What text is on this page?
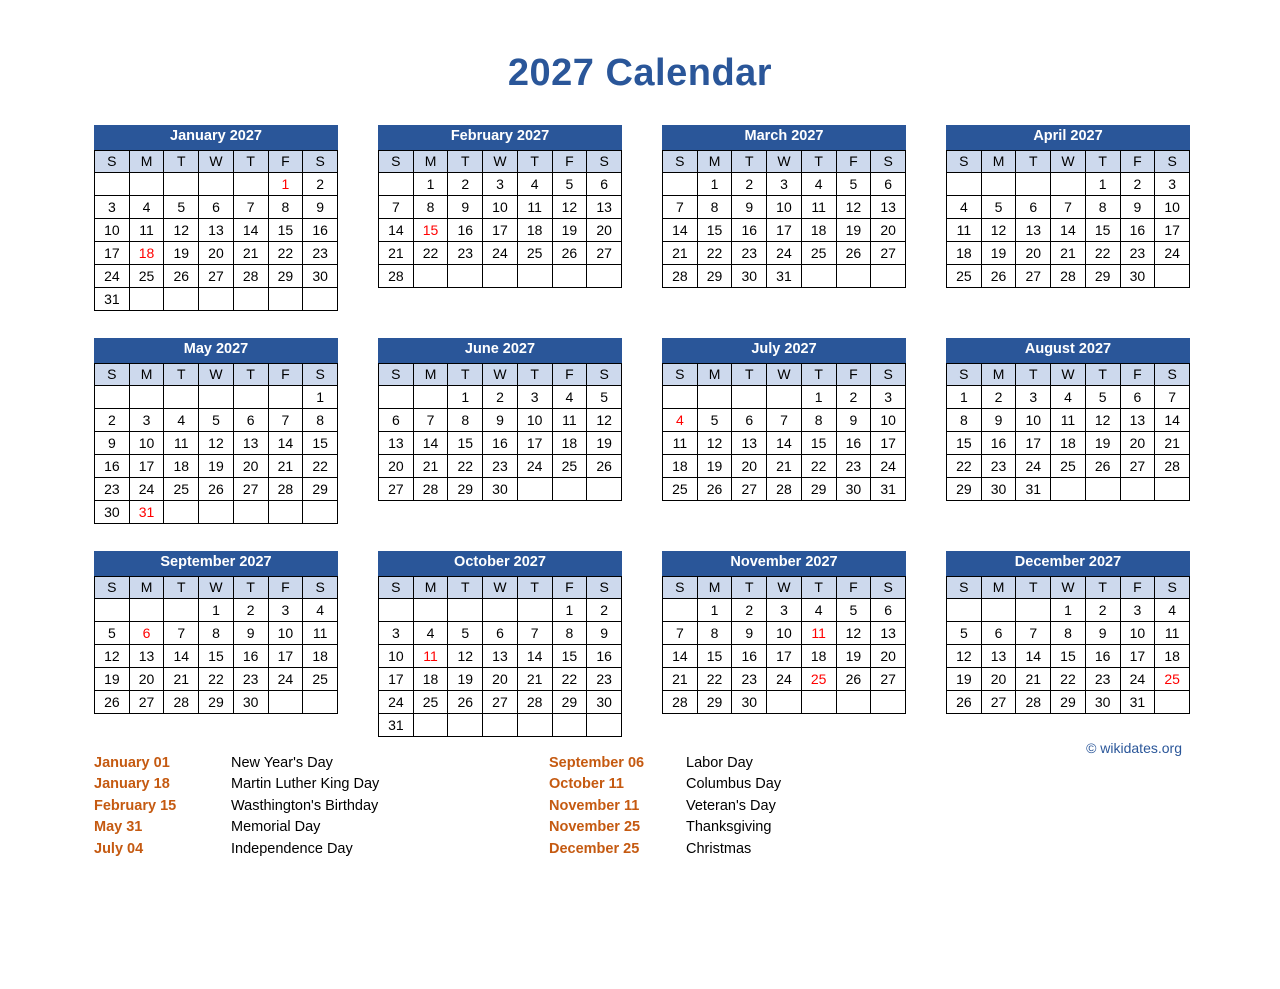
2027 Calendar
January 2027
S	M	T	W	T	F	S
					1	2
3	4	5	6	7	8	9
10	11	12	13	14	15	16
17	18	19	20	21	22	23
24	25	26	27	28	29	30
31						
February 2027
S	M	T	W	T	F	S
	1	2	3	4	5	6
7	8	9	10	11	12	13
14	15	16	17	18	19	20
21	22	23	24	25	26	27
28						
March 2027
S	M	T	W	T	F	S
	1	2	3	4	5	6
7	8	9	10	11	12	13
14	15	16	17	18	19	20
21	22	23	24	25	26	27
28	29	30	31			
April 2027
S	M	T	W	T	F	S
				1	2	3
4	5	6	7	8	9	10
11	12	13	14	15	16	17
18	19	20	21	22	23	24
25	26	27	28	29	30	
May 2027
S	M	T	W	T	F	S
						1
2	3	4	5	6	7	8
9	10	11	12	13	14	15
16	17	18	19	20	21	22
23	24	25	26	27	28	29
30	31					
June 2027
S	M	T	W	T	F	S
		1	2	3	4	5
6	7	8	9	10	11	12
13	14	15	16	17	18	19
20	21	22	23	24	25	26
27	28	29	30			
July 2027
S	M	T	W	T	F	S
				1	2	3
4	5	6	7	8	9	10
11	12	13	14	15	16	17
18	19	20	21	22	23	24
25	26	27	28	29	30	31
August 2027
S	M	T	W	T	F	S
1	2	3	4	5	6	7
8	9	10	11	12	13	14
15	16	17	18	19	20	21
22	23	24	25	26	27	28
29	30	31				
September 2027
S	M	T	W	T	F	S
			1	2	3	4
5	6	7	8	9	10	11
12	13	14	15	16	17	18
19	20	21	22	23	24	25
26	27	28	29	30		
October 2027
S	M	T	W	T	F	S
					1	2
3	4	5	6	7	8	9
10	11	12	13	14	15	16
17	18	19	20	21	22	23
24	25	26	27	28	29	30
31						
November 2027
S	M	T	W	T	F	S
	1	2	3	4	5	6
7	8	9	10	11	12	13
14	15	16	17	18	19	20
21	22	23	24	25	26	27
28	29	30				
December 2027
S	M	T	W	T	F	S
			1	2	3	4
5	6	7	8	9	10	11
12	13	14	15	16	17	18
19	20	21	22	23	24	25
26	27	28	29	30	31	
© wikidates.org
January 01	New Year's Day
January 18	Martin Luther King Day
February 15	Wasthington's Birthday
May 31	Memorial Day
July 04	Independence Day
September 06	Labor Day
October 11	Columbus Day
November 11	Veteran's Day
November 25	Thanksgiving
December 25	Christmas
